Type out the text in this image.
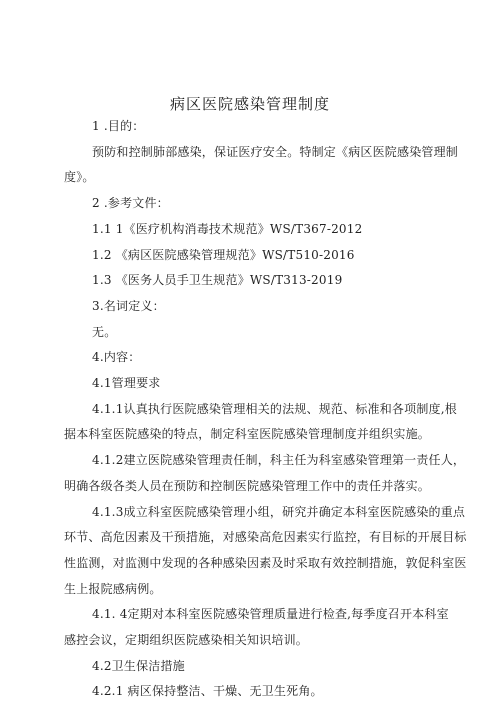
病区医院感染管理制度
1 .目的：
预防和控制肺部感染，保证医疗安全。特制定《病区医院感染管理制
度》。
2 .参考文件：
1.1 1《医疗机构消毒技术规范》WS/T367-2012
1.2 《病区医院感染管理规范》WS/T510-2016
1.3 《医务人员手卫生规范》WS/T313-2019
3.名词定义：
无。
4.内容：
4.1管理要求
4.1.1认真执行医院感染管理相关的法规、规范、标准和各项制度,根
据本科室医院感染的特点，制定科室医院感染管理制度并组织实施。
4.1.2建立医院感染管理责任制，科主任为科室感染管理第一责任人，
明确各级各类人员在预防和控制医院感染管理工作中的责任并落实。
4.1.3成立科室医院感染管理小组，研究并确定本科室医院感染的重点
环节、高危因素及干预措施，对感染高危因素实行监控，有目标的开展目标
性监测，对监测中发现的各种感染因素及时采取有效控制措施，敦促科室医
生上报院感病例。
4.1. 4定期对本科室医院感染管理质量进行检查,每季度召开本科室
感控会议，定期组织医院感染相关知识培训。
4.2卫生保洁措施
4.2.1 病区保持整洁、干燥、无卫生死角。
